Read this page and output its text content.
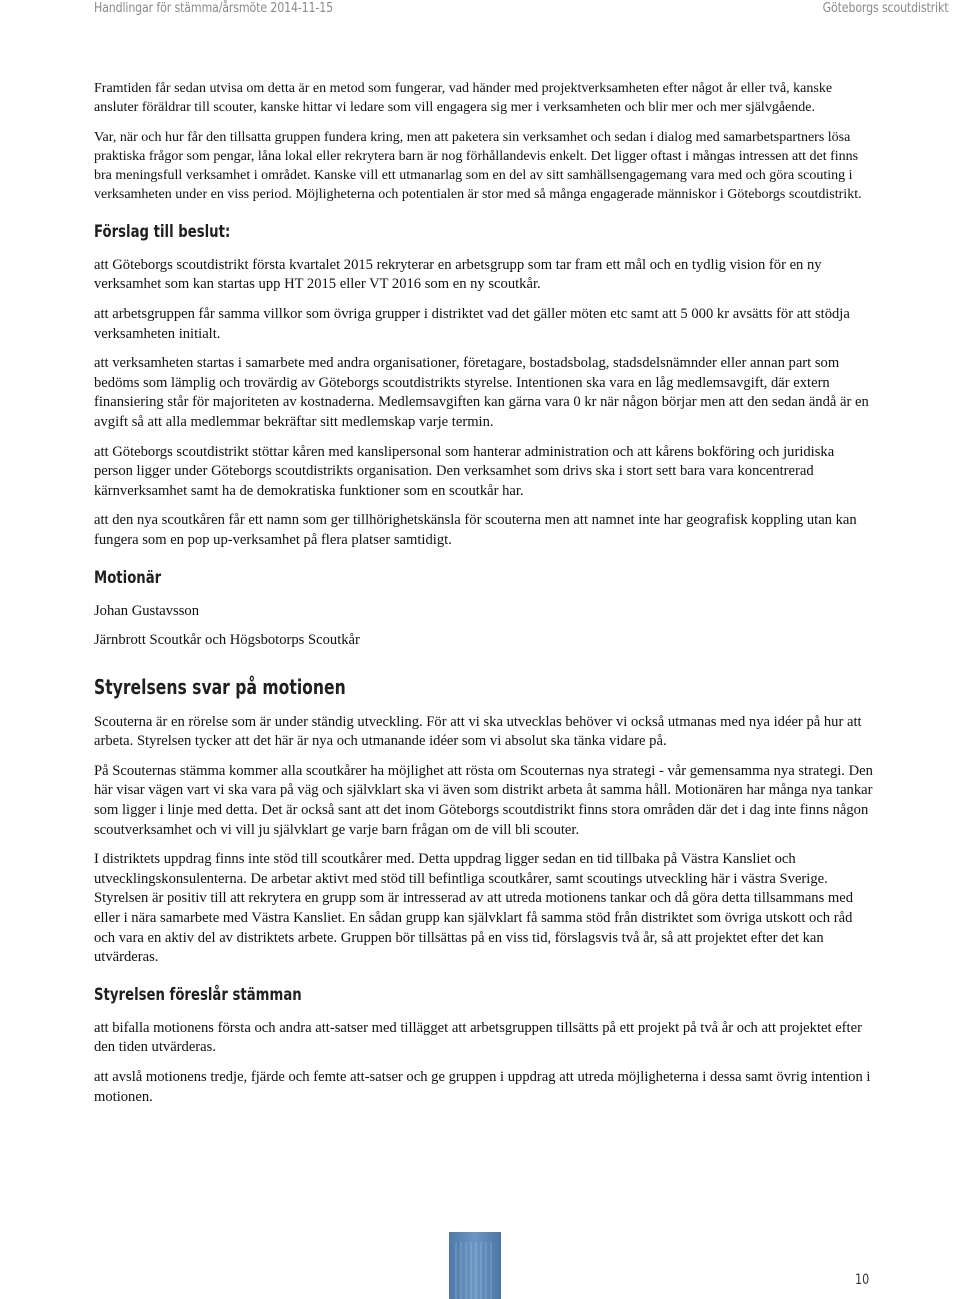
Handlingar för stämma/årsmöte 2014-11-15	Göteborgs scoutdistrikt

Framtiden får sedan utvisa om detta är en metod som fungerar, vad händer med projektverksamheten efter något år eller två, kanske ansluter föräldrar till scouter, kanske hittar vi ledare som vill engagera sig mer i verksamheten och blir mer och mer självgående.

Var, när och hur får den tillsatta gruppen fundera kring, men att paketera sin verksamhet och sedan i dialog med samarbetspartners lösa praktiska frågor som pengar, låna lokal eller rekrytera barn är nog förhållandevis enkelt. Det ligger oftast i mångas intressen att det finns bra meningsfull verksamhet i området. Kanske vill ett utmanarlag som en del av sitt samhällsengagemang vara med och göra scouting i verksamheten under en viss period. Möjligheterna och potentialen är stor med så många engagerade människor i Göteborgs scoutdistrikt.

Förslag till beslut:

att Göteborgs scoutdistrikt första kvartalet 2015 rekryterar en arbetsgrupp som tar fram ett mål och en tydlig vision för en ny verksamhet som kan startas upp HT 2015 eller VT 2016 som en ny scoutkår.

att arbetsgruppen får samma villkor som övriga grupper i distriktet vad det gäller möten etc samt att 5 000 kr avsätts för att stödja verksamheten initialt.

att verksamheten startas i samarbete med andra organisationer, företagare, bostadsbolag, stadsdelsnämnder eller annan part som bedöms som lämplig och trovärdig av Göteborgs scoutdistrikts styrelse. Intentionen ska vara en låg medlemsavgift, där extern finansiering står för majoriteten av kostnaderna. Medlemsavgiften kan gärna vara 0 kr när någon börjar men att den sedan ändå är en avgift så att alla medlemmar bekräftar sitt medlemskap varje termin.

att Göteborgs scoutdistrikt stöttar kåren med kanslipersonal som hanterar administration och att kårens bokföring och juridiska person ligger under Göteborgs scoutdistrikts organisation. Den verksamhet som drivs ska i stort sett bara vara koncentrerad kärnverksamhet samt ha de demokratiska funktioner som en scoutkår har.

att den nya scoutkåren får ett namn som ger tillhörighetskänsla för scouterna men att namnet inte har geografisk koppling utan kan fungera som en pop up-verksamhet på flera platser samtidigt.

Motionär

Johan Gustavsson

Järnbrott Scoutkår och Högsbotorps Scoutkår

Styrelsens svar på motionen

Scouterna är en rörelse som är under ständig utveckling. För att vi ska utvecklas behöver vi också utmanas med nya idéer på hur att arbeta. Styrelsen tycker att det här är nya och utmanande idéer som vi absolut ska tänka vidare på.

På Scouternas stämma kommer alla scoutkårer ha möjlighet att rösta om Scouternas nya strategi - vår gemensamma nya strategi. Den här visar vägen vart vi ska vara på väg och självklart ska vi även som distrikt arbeta åt samma håll. Motionären har många nya tankar som ligger i linje med detta. Det är också sant att det inom Göteborgs scoutdistrikt finns stora områden där det i dag inte finns någon scoutverksamhet och vi vill ju självklart ge varje barn frågan om de vill bli scouter.

I distriktets uppdrag finns inte stöd till scoutkårer med. Detta uppdrag ligger sedan en tid tillbaka på Västra Kansliet och utvecklingskonsulenterna. De arbetar aktivt med stöd till befintliga scoutkårer, samt scoutings utveckling här i västra Sverige. Styrelsen är positiv till att rekrytera en grupp som är intresserad av att utreda motionens tankar och då göra detta tillsammans med eller i nära samarbete med Västra Kansliet. En sådan grupp kan självklart få samma stöd från distriktet som övriga utskott och råd och vara en aktiv del av distriktets arbete. Gruppen bör tillsättas på en viss tid, förslagsvis två år, så att projektet efter det kan utvärderas.

Styrelsen föreslår stämman

att bifalla motionens första och andra att-satser med tillägget att arbetsgruppen tillsätts på ett projekt på två år och att projektet efter den tiden utvärderas.

att avslå motionens tredje, fjärde och femte att-satser och ge gruppen i uppdrag att utreda möjligheterna i dessa samt övrig intention i motionen.

10
